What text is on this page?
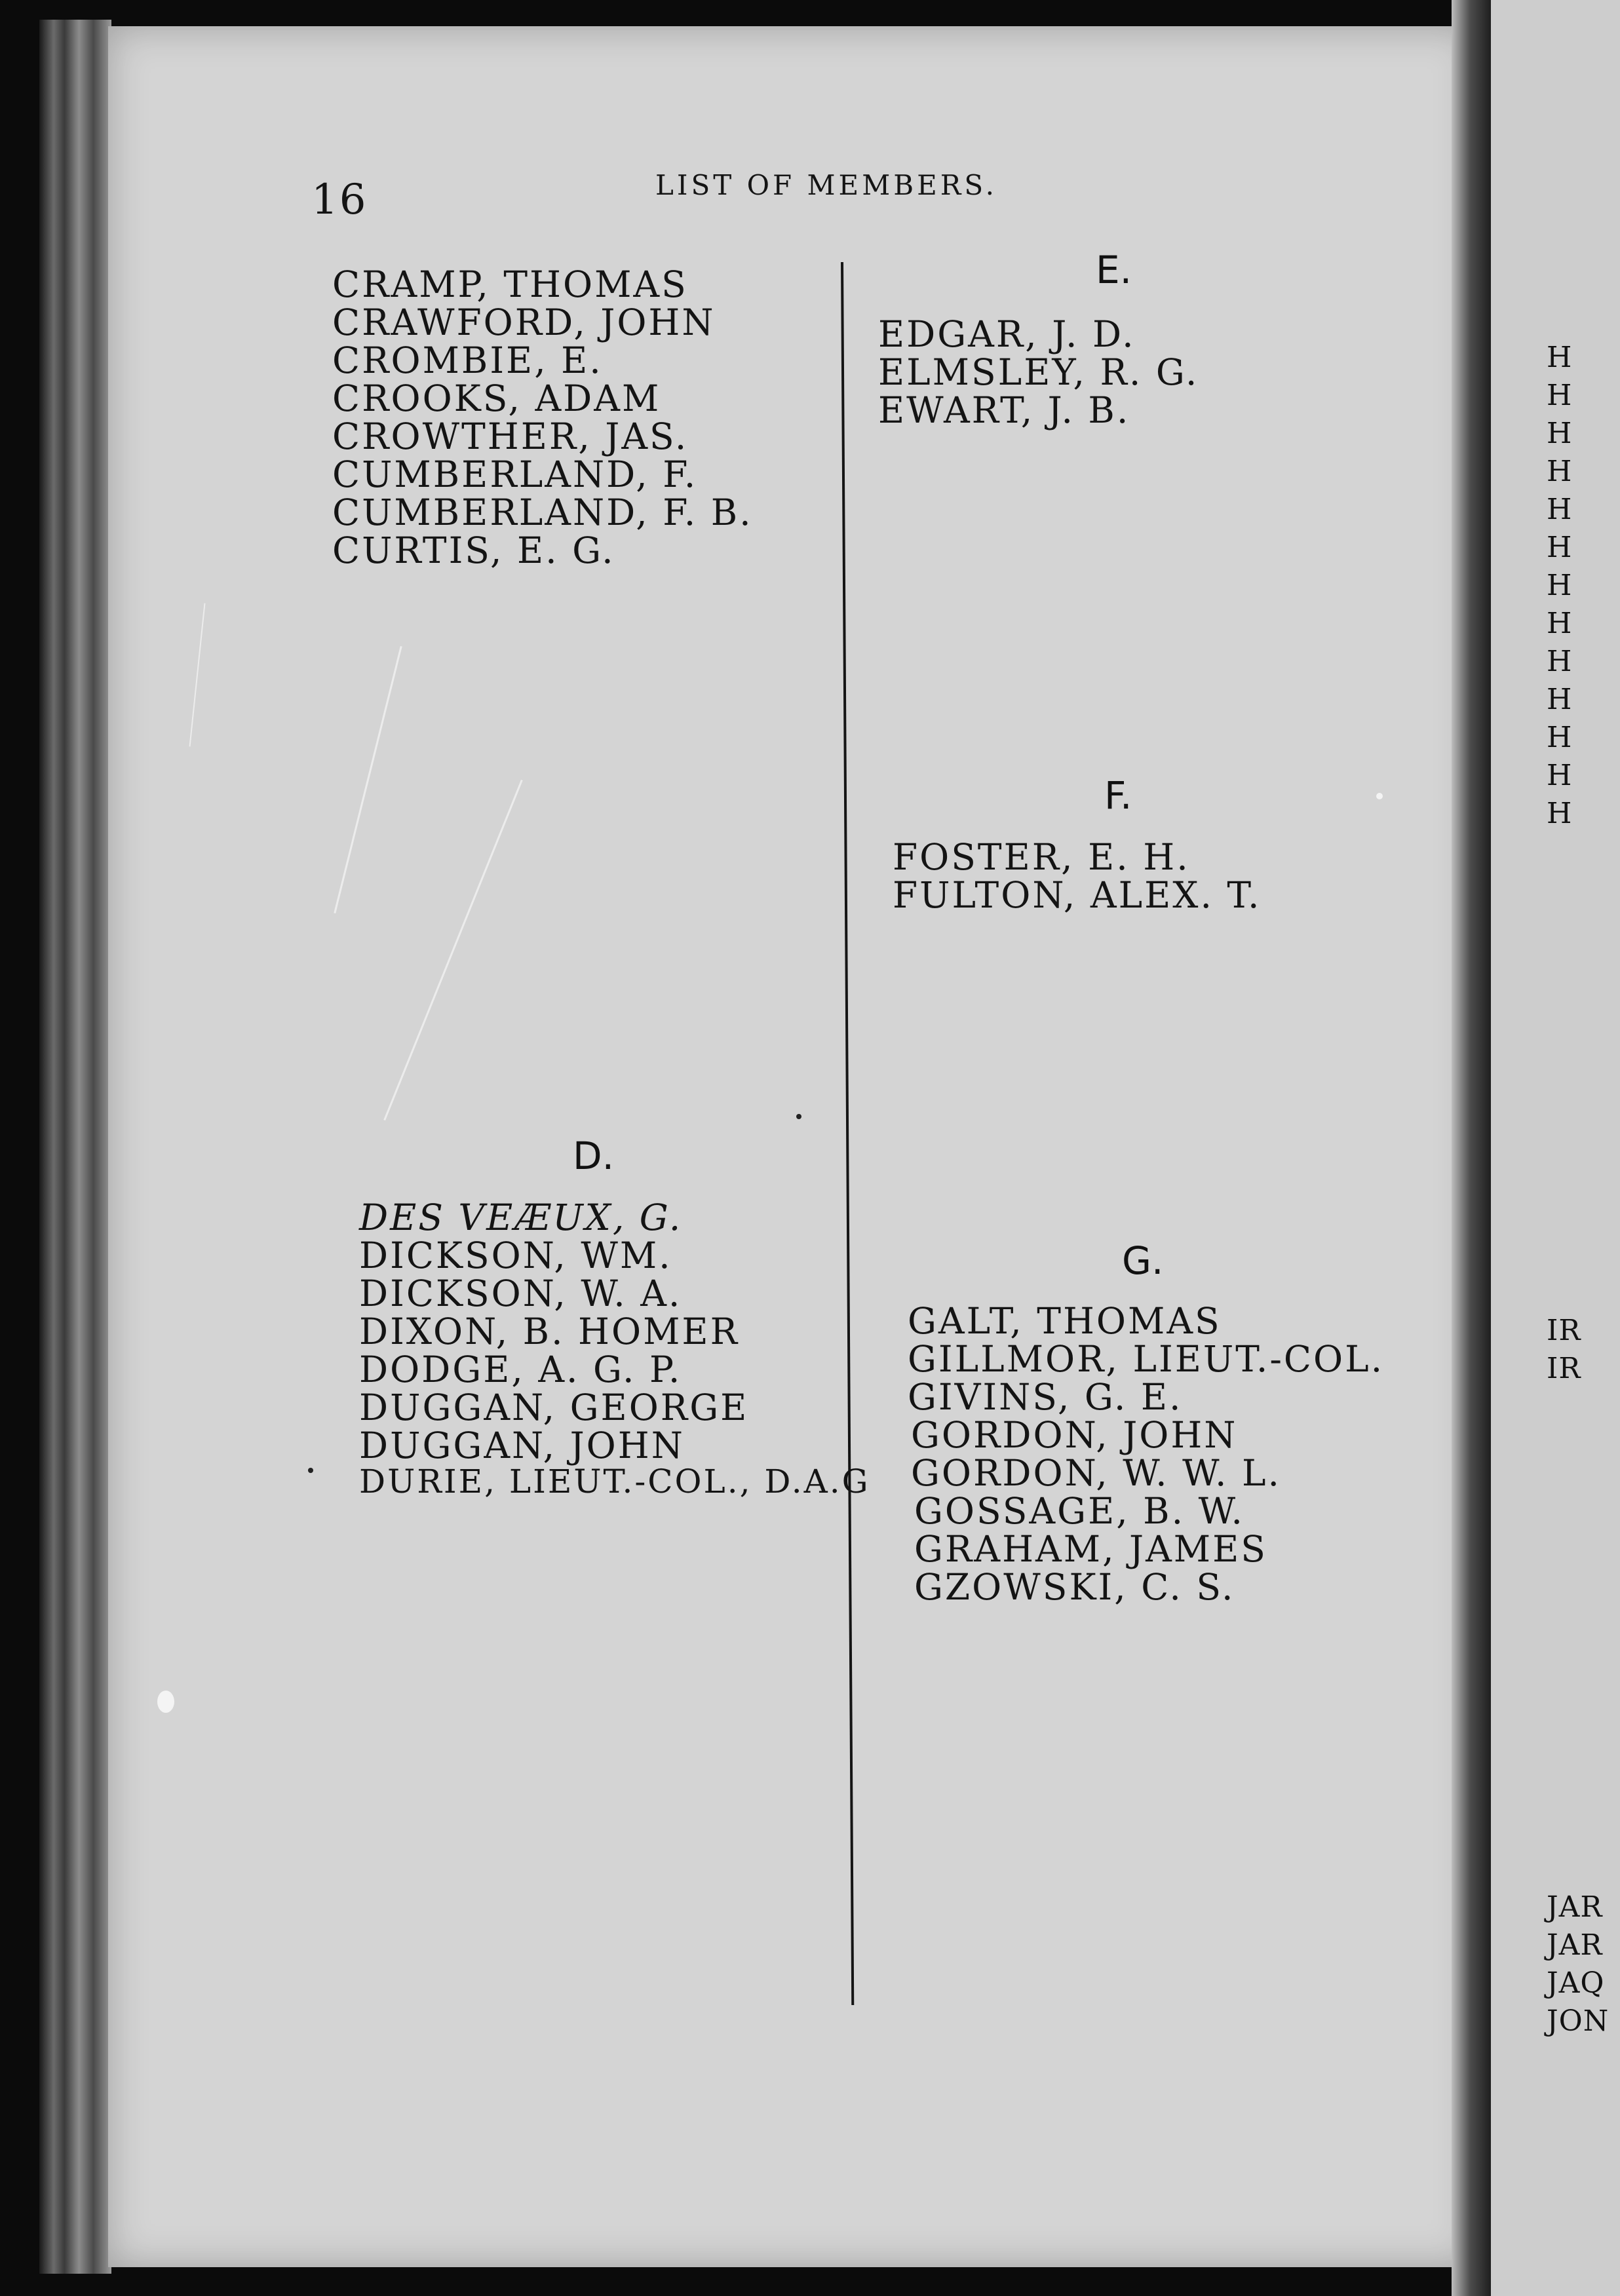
H
H
H
H
H
H
H
H
H
H
H
H
H
IR
IR
JAR
JAR
JAQ
JON
16	LIST OF MEMBERS.
CRAMP, THOMAS
CRAWFORD, JOHN
CROMBIE, E.
CROOKS, ADAM
CROWTHER, JAS.
CUMBERLAND, F.
CUMBERLAND, F. B.
CURTIS, E. G.
D.
DES VEÆUX, G.
DICKSON, WM.
DICKSON, W. A.
DIXON, B. HOMER
DODGE, A. G. P.
DUGGAN, GEORGE
DUGGAN, JOHN
DURIE, LIEUT.-COL., D.A.G
E.
EDGAR, J. D.
ELMSLEY, R. G.
EWART, J. B.
F.
FOSTER, E. H.
FULTON, ALEX. T.
G.
GALT, THOMAS
GILLMOR, LIEUT.-COL.
GIVINS, G. E.
GORDON, JOHN
GORDON, W. W. L.
GOSSAGE, B. W.
GRAHAM, JAMES
GZOWSKI, C. S.
